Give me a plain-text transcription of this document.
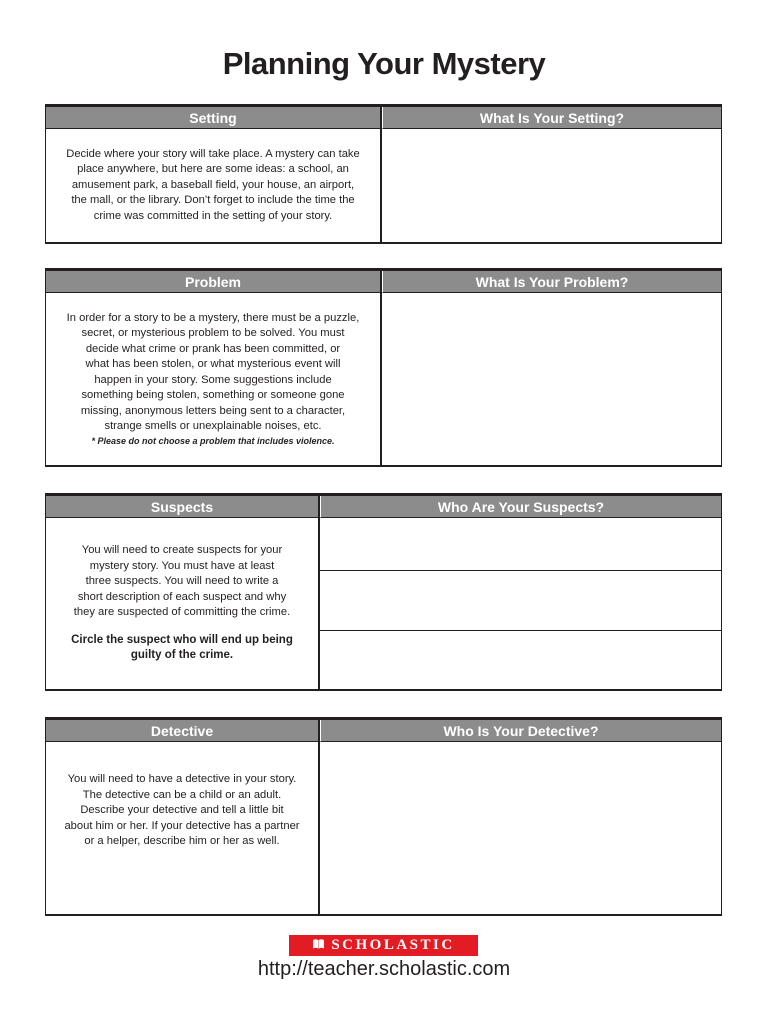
Planning Your Mystery
Setting

Decide where your story will take place. A mystery can take

place anywhere, but here are some ideas: a school, an

amusement park, a baseball field, your house, an airport,

the mall, or the library. Don’t forget to include the time the

crime was committed in the setting of your story.

What Is Your Setting?
Problem

In order for a story to be a mystery, there must be a puzzle,

secret, or mysterious problem to be solved. You must

decide what crime or prank has been committed, or

what has been stolen, or what mysterious event will

happen in your story. Some suggestions include

something being stolen, something or someone gone

missing, anonymous letters being sent to a character,

strange smells or unexplainable noises, etc.

* Please do not choose a problem that includes violence.

What Is Your Problem?
Suspects

You will need to create suspects for your

mystery story. You must have at least

three suspects. You will need to write a

short description of each suspect and why

they are suspected of committing the crime.

Circle the suspect who will end up being

guilty of the crime.

Who Are Your Suspects?
Detective

You will need to have a detective in your story.

The detective can be a child or an adult.

Describe your detective and tell a little bit

about him or her. If your detective has a partner

or a helper, describe him or her as well.

Who Is Your Detective?
SCHOLASTIC
http://teacher.scholastic.com
